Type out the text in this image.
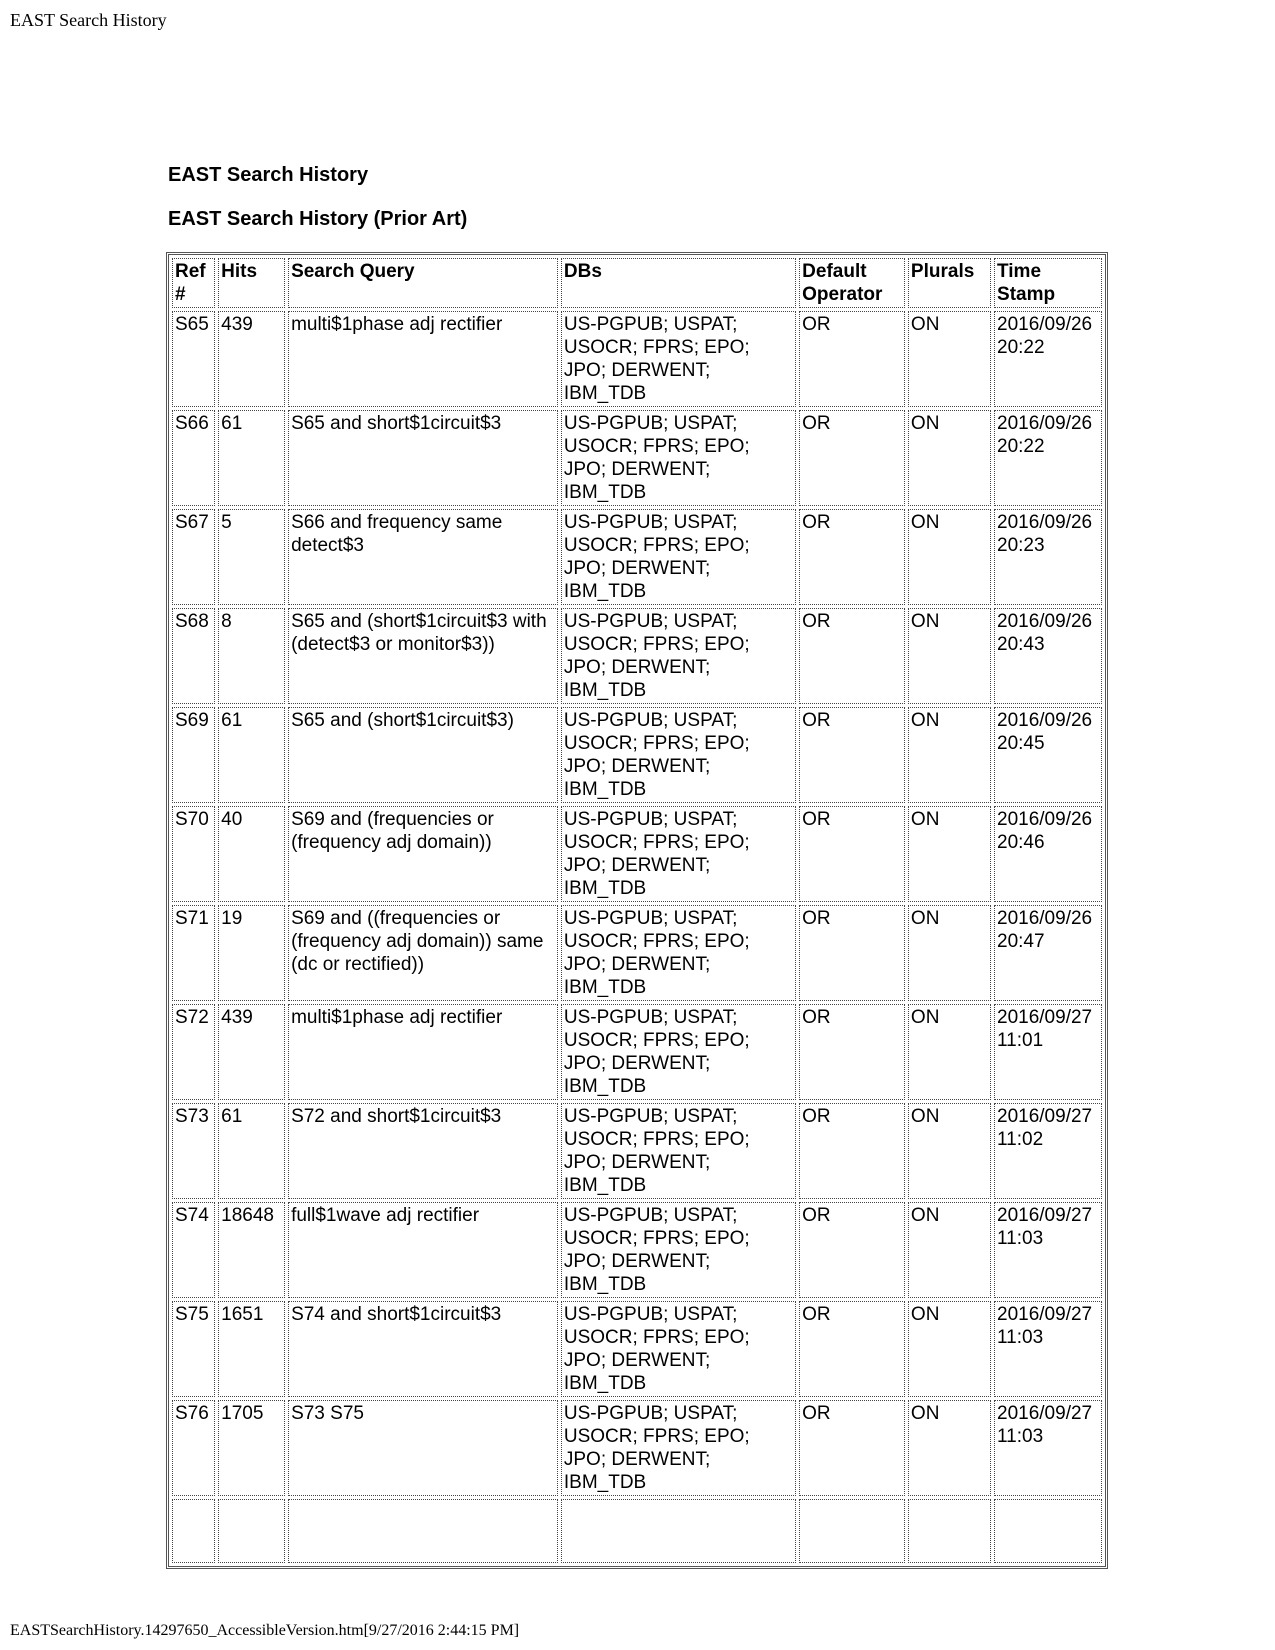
EAST Search History
EAST Search History
EAST Search History (Prior Art)
Ref #	Hits	Search Query	DBs	Default Operator	Plurals	Time Stamp
S65	439	multi$1phase adj rectifier	US-PGPUB; USPAT; USOCR; FPRS; EPO; JPO; DERWENT; IBM_TDB	OR	ON	2016/09/26 20:22
S66	61	S65 and short$1circuit$3	US-PGPUB; USPAT; USOCR; FPRS; EPO; JPO; DERWENT; IBM_TDB	OR	ON	2016/09/26 20:22
S67	5	S66 and frequency same detect$3	US-PGPUB; USPAT; USOCR; FPRS; EPO; JPO; DERWENT; IBM_TDB	OR	ON	2016/09/26 20:23
S68	8	S65 and (short$1circuit$3 with (detect$3 or monitor$3))	US-PGPUB; USPAT; USOCR; FPRS; EPO; JPO; DERWENT; IBM_TDB	OR	ON	2016/09/26 20:43
S69	61	S65 and (short$1circuit$3)	US-PGPUB; USPAT; USOCR; FPRS; EPO; JPO; DERWENT; IBM_TDB	OR	ON	2016/09/26 20:45
S70	40	S69 and (frequencies or (frequency adj domain))	US-PGPUB; USPAT; USOCR; FPRS; EPO; JPO; DERWENT; IBM_TDB	OR	ON	2016/09/26 20:46
S71	19	S69 and ((frequencies or (frequency adj domain)) same (dc or rectified))	US-PGPUB; USPAT; USOCR; FPRS; EPO; JPO; DERWENT; IBM_TDB	OR	ON	2016/09/26 20:47
S72	439	multi$1phase adj rectifier	US-PGPUB; USPAT; USOCR; FPRS; EPO; JPO; DERWENT; IBM_TDB	OR	ON	2016/09/27 11:01
S73	61	S72 and short$1circuit$3	US-PGPUB; USPAT; USOCR; FPRS; EPO; JPO; DERWENT; IBM_TDB	OR	ON	2016/09/27 11:02
S74	18648	full$1wave adj rectifier	US-PGPUB; USPAT; USOCR; FPRS; EPO; JPO; DERWENT; IBM_TDB	OR	ON	2016/09/27 11:03
S75	1651	S74 and short$1circuit$3	US-PGPUB; USPAT; USOCR; FPRS; EPO; JPO; DERWENT; IBM_TDB	OR	ON	2016/09/27 11:03
S76	1705	S73 S75	US-PGPUB; USPAT; USOCR; FPRS; EPO; JPO; DERWENT; IBM_TDB	OR	ON	2016/09/27 11:03

EASTSearchHistory.14297650_AccessibleVersion.htm[9/27/2016 2:44:15 PM]
